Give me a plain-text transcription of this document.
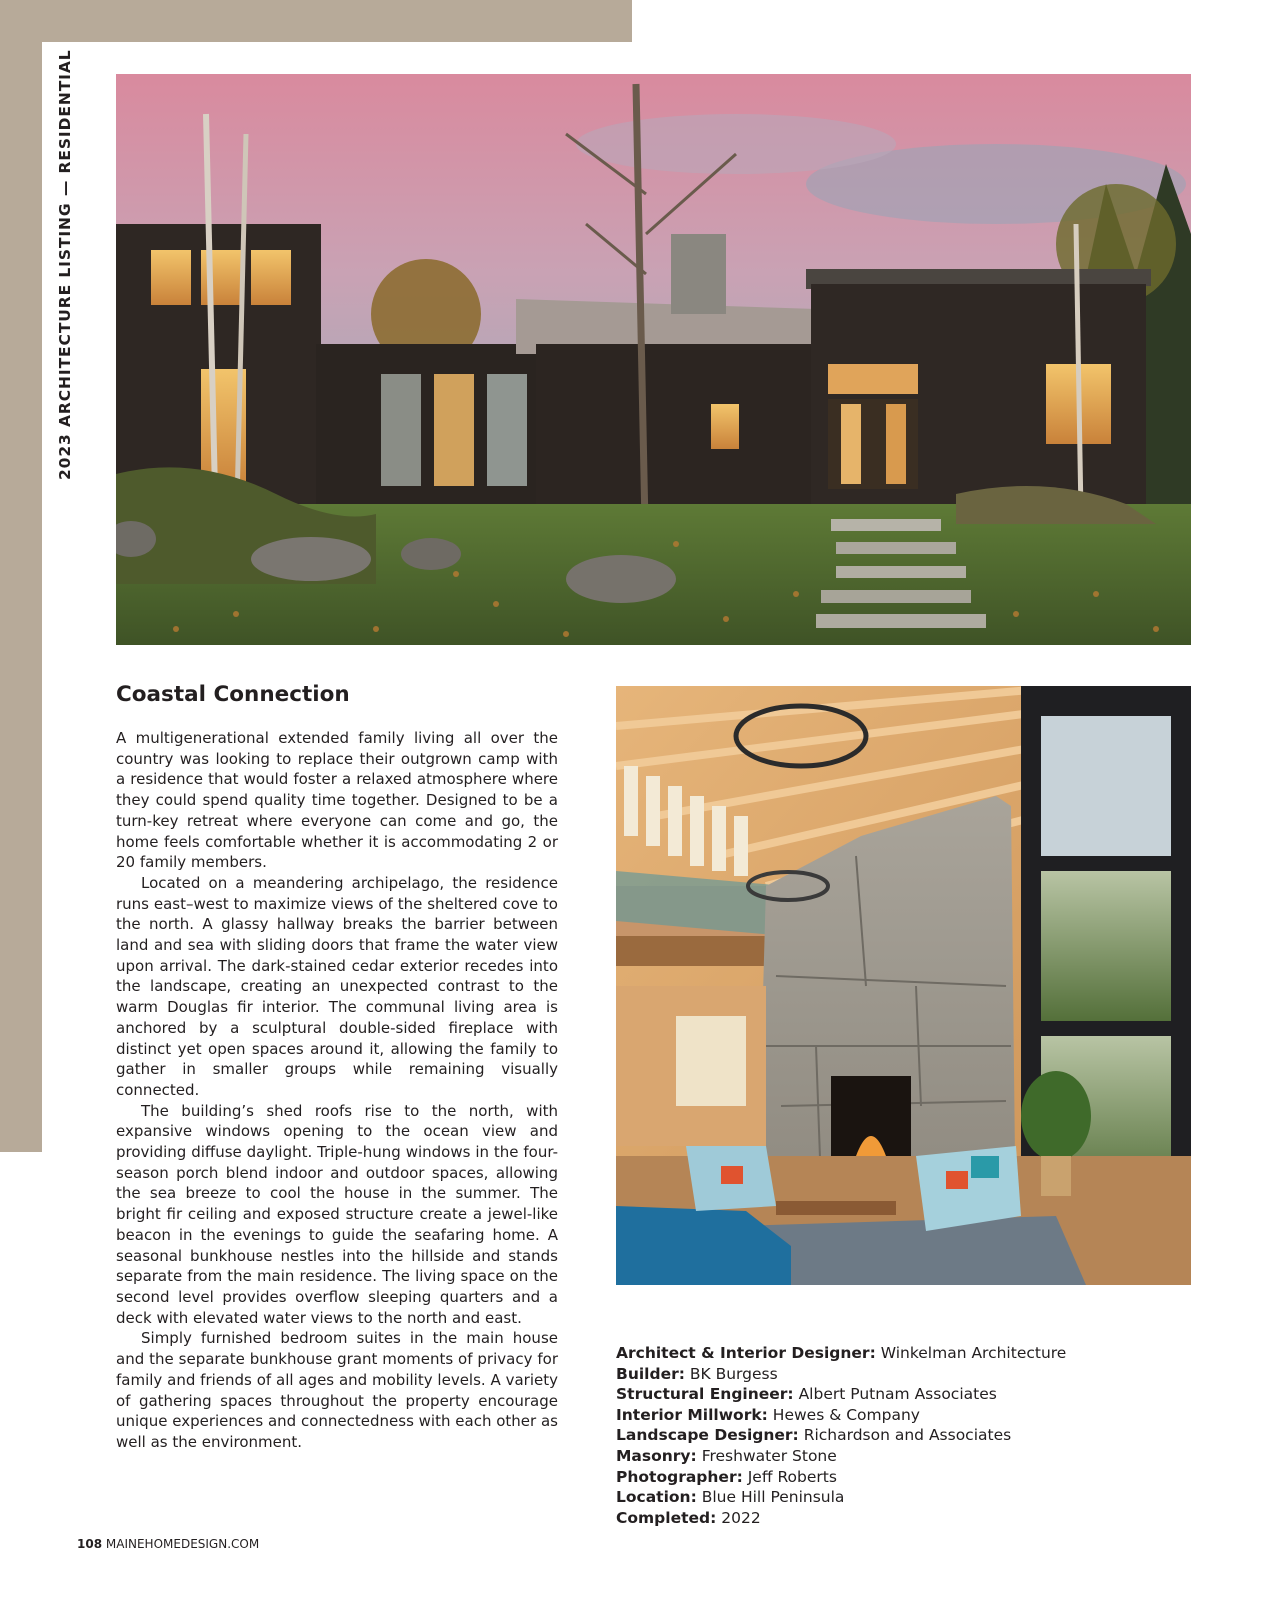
2023 ARCHITECTURE LISTING — RESIDENTIAL
Coastal Connection

A multigenerational extended family living all over the country was looking to replace their outgrown camp with a residence that would foster a relaxed atmosphere where they could spend quality time together. Designed to be a turn-key retreat where everyone can come and go, the home feels comfortable whether it is accommodating 2 or 20 family members.

Located on a meandering archipelago, the residence runs east–west to maximize views of the sheltered cove to the north. A glassy hallway breaks the barrier between land and sea with sliding doors that frame the water view upon arrival. The dark-stained cedar exterior recedes into the landscape, creating an unexpected contrast to the warm Douglas fir interior. The communal living area is anchored by a sculptural double-sided fireplace with distinct yet open spaces around it, allowing the family to gather in smaller groups while remaining visually connected.

The building’s shed roofs rise to the north, with expansive windows opening to the ocean view and providing diffuse daylight. Triple-hung windows in the four-season porch blend indoor and outdoor spaces, allowing the sea breeze to cool the house in the summer. The bright fir ceiling and exposed structure create a jewel-like beacon in the evenings to guide the seafaring home. A seasonal bunkhouse nestles into the hillside and stands separate from the main residence. The living space on the second level provides overflow sleeping quarters and a deck with elevated water views to the north and east.

Simply furnished bedroom suites in the main house and the separate bunkhouse grant moments of privacy for family and friends of all ages and mobility levels. A variety of gathering spaces throughout the property encourage unique experiences and connectedness with each other as well as the environment.

Architect & Interior Designer: Winkelman Architecture
Builder: BK Burgess
Structural Engineer: Albert Putnam Associates
Interior Millwork: Hewes & Company
Landscape Designer: Richardson and Associates
Masonry: Freshwater Stone
Photographer: Jeff Roberts
Location: Blue Hill Peninsula
Completed: 2022
108 MAINEHOMEDESIGN.COM
